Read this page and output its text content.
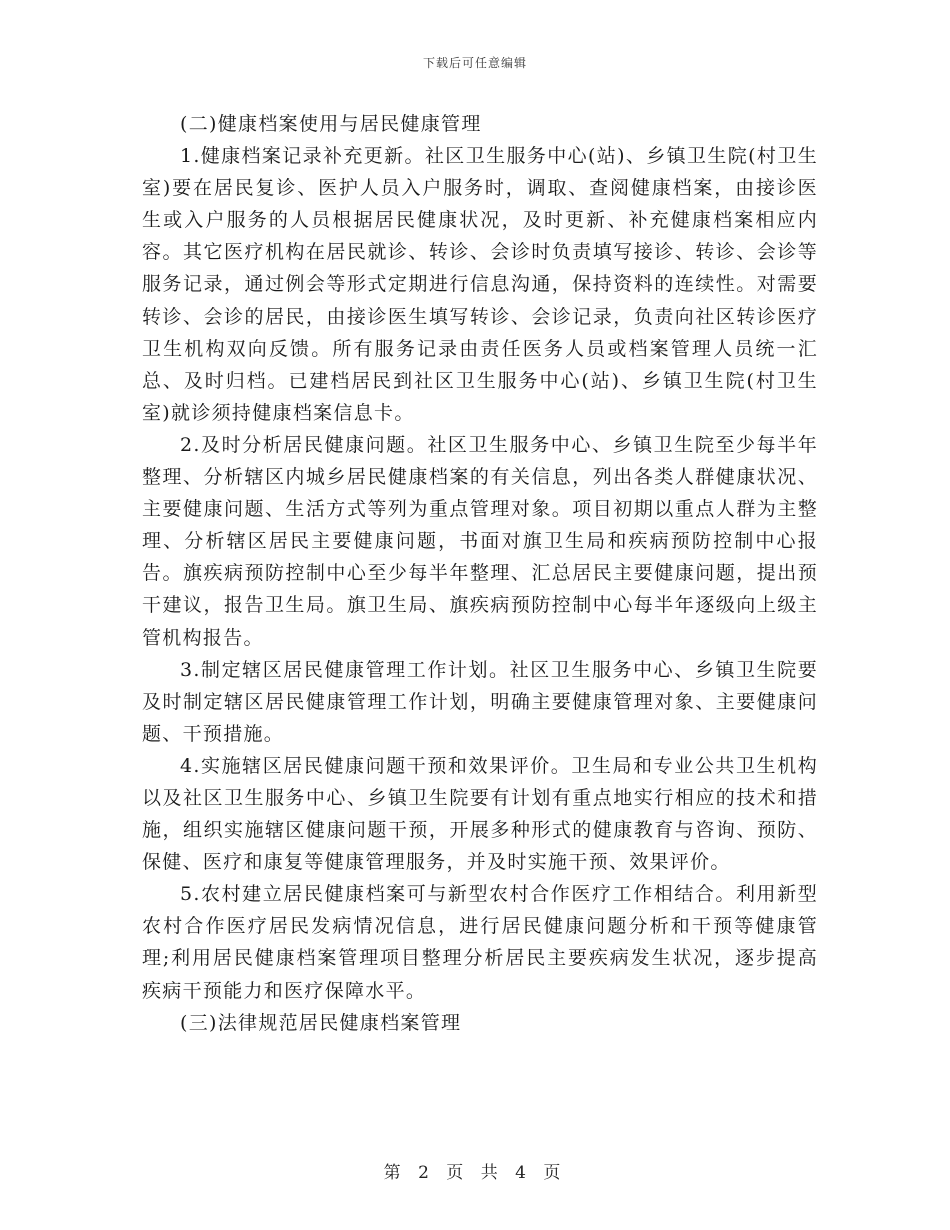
下载后可任意编辑

(二)健康档案使用与居民健康管理

1.健康档案记录补充更新。社区卫生服务中心(站)、乡镇卫生院(村卫生室)要在居民复诊、医护人员入户服务时，调取、查阅健康档案，由接诊医生或入户服务的人员根据居民健康状况，及时更新、补充健康档案相应内容。其它医疗机构在居民就诊、转诊、会诊时负责填写接诊、转诊、会诊等服务记录，通过例会等形式定期进行信息沟通，保持资料的连续性。对需要转诊、会诊的居民，由接诊医生填写转诊、会诊记录，负责向社区转诊医疗卫生机构双向反馈。所有服务记录由责任医务人员或档案管理人员统一汇总、及时归档。已建档居民到社区卫生服务中心(站)、乡镇卫生院(村卫生室)就诊须持健康档案信息卡。

2.及时分析居民健康问题。社区卫生服务中心、乡镇卫生院至少每半年整理、分析辖区内城乡居民健康档案的有关信息，列出各类人群健康状况、主要健康问题、生活方式等列为重点管理对象。项目初期以重点人群为主整理、分析辖区居民主要健康问题，书面对旗卫生局和疾病预防控制中心报告。旗疾病预防控制中心至少每半年整理、汇总居民主要健康问题，提出预干建议，报告卫生局。旗卫生局、旗疾病预防控制中心每半年逐级向上级主管机构报告。

3.制定辖区居民健康管理工作计划。社区卫生服务中心、乡镇卫生院要及时制定辖区居民健康管理工作计划，明确主要健康管理对象、主要健康问题、干预措施。

4.实施辖区居民健康问题干预和效果评价。卫生局和专业公共卫生机构以及社区卫生服务中心、乡镇卫生院要有计划有重点地实行相应的技术和措施，组织实施辖区健康问题干预，开展多种形式的健康教育与咨询、预防、保健、医疗和康复等健康管理服务，并及时实施干预、效果评价。

5.农村建立居民健康档案可与新型农村合作医疗工作相结合。利用新型农村合作医疗居民发病情况信息，进行居民健康问题分析和干预等健康管理;利用居民健康档案管理项目整理分析居民主要疾病发生状况，逐步提高疾病干预能力和医疗保障水平。

(三)法律规范居民健康档案管理

第 2 页 共 4 页
